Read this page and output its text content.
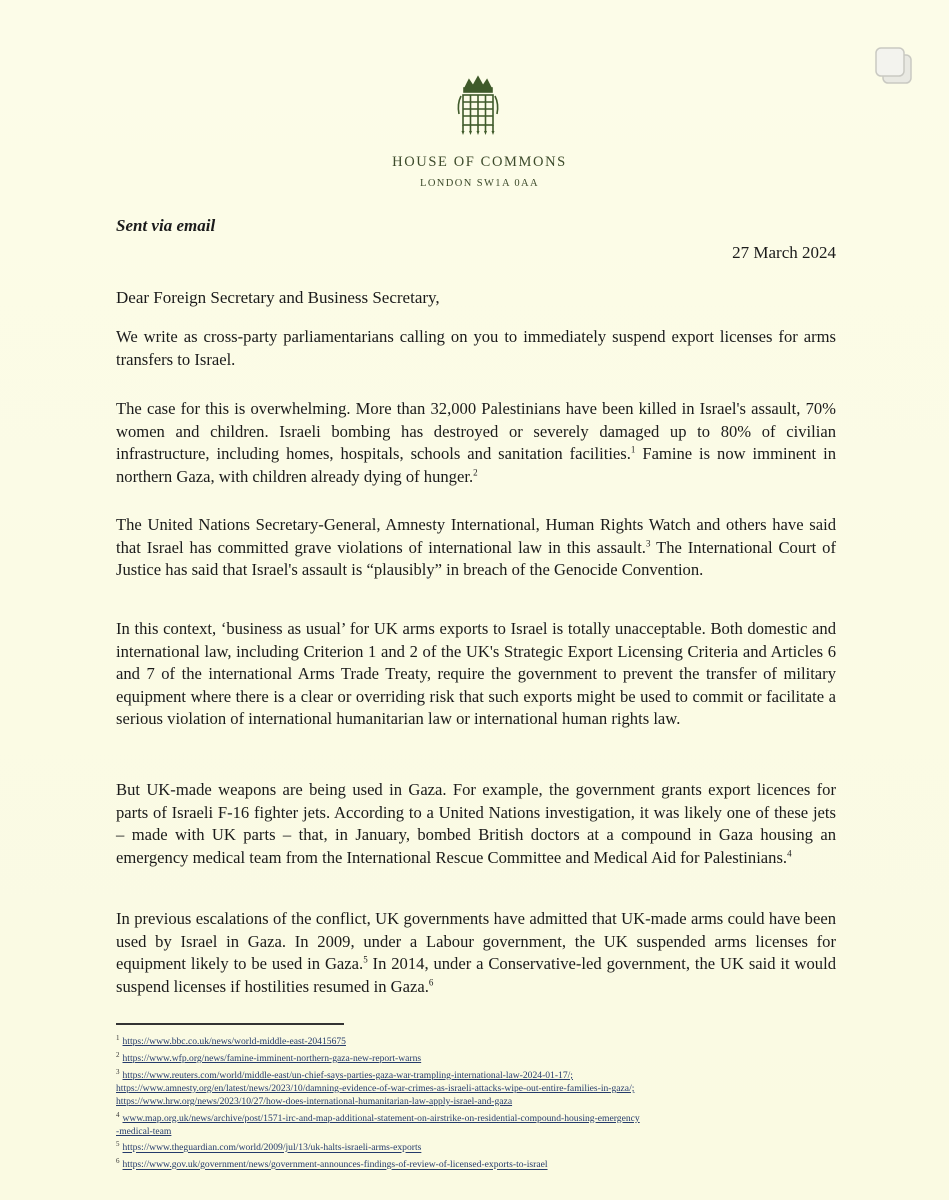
HOUSE OF COMMONS
LONDON SW1A 0AA
Sent via email
27 March 2024
Dear Foreign Secretary and Business Secretary,

We write as cross-party parliamentarians calling on you to immediately suspend export licenses for arms transfers to Israel.

The case for this is overwhelming. More than 32,000 Palestinians have been killed in Israel's assault, 70% women and children. Israeli bombing has destroyed or severely damaged up to 80% of civilian infrastructure, including homes, hospitals, schools and sanitation facilities.$^1$ Famine is now imminent in northern Gaza, with children already dying of hunger.$^2$

The United Nations Secretary-General, Amnesty International, Human Rights Watch and others have said that Israel has committed grave violations of international law in this assault.$^3$ The International Court of Justice has said that Israel's assault is “plausibly” in breach of the Genocide Convention.

In this context, ‘business as usual’ for UK arms exports to Israel is totally unacceptable. Both domestic and international law, including Criterion 1 and 2 of the UK's Strategic Export Licensing Criteria and Articles 6 and 7 of the international Arms Trade Treaty, require the government to prevent the transfer of military equipment where there is a clear or overriding risk that such exports might be used to commit or facilitate a serious violation of international humanitarian law or international human rights law.

But UK-made weapons are being used in Gaza. For example, the government grants export licences for parts of Israeli F-16 fighter jets. According to a United Nations investigation, it was likely one of these jets – made with UK parts – that, in January, bombed British doctors at a compound in Gaza housing an emergency medical team from the International Rescue Committee and Medical Aid for Palestinians.$^4$

In previous escalations of the conflict, UK governments have admitted that UK-made arms could have been used by Israel in Gaza. In 2009, under a Labour government, the UK suspended arms licenses for equipment likely to be used in Gaza.$^5$ In 2014, under a Conservative-led government, the UK said it would suspend licenses if hostilities resumed in Gaza.$^6$

$^1$ https://www.bbc.co.uk/news/world-middle-east-20415675
$^2$ https://www.wfp.org/news/famine-imminent-northern-gaza-new-report-warns
$^3$ https://www.reuters.com/world/middle-east/un-chief-says-parties-gaza-war-trampling-international-law-2024-01-17/;
https://www.amnesty.org/en/latest/news/2023/10/damning-evidence-of-war-crimes-as-israeli-attacks-wipe-out-entire-families-in-gaza/;
https://www.hrw.org/news/2023/10/27/how-does-international-humanitarian-law-apply-israel-and-gaza
$^4$ www.map.org.uk/news/archive/post/1571-irc-and-map-additional-statement-on-airstrike-on-residential-compound-housing-emergency
-medical-team
$^5$ https://www.theguardian.com/world/2009/jul/13/uk-halts-israeli-arms-exports
$^6$ https://www.gov.uk/government/news/government-announces-findings-of-review-of-licensed-exports-to-israel
